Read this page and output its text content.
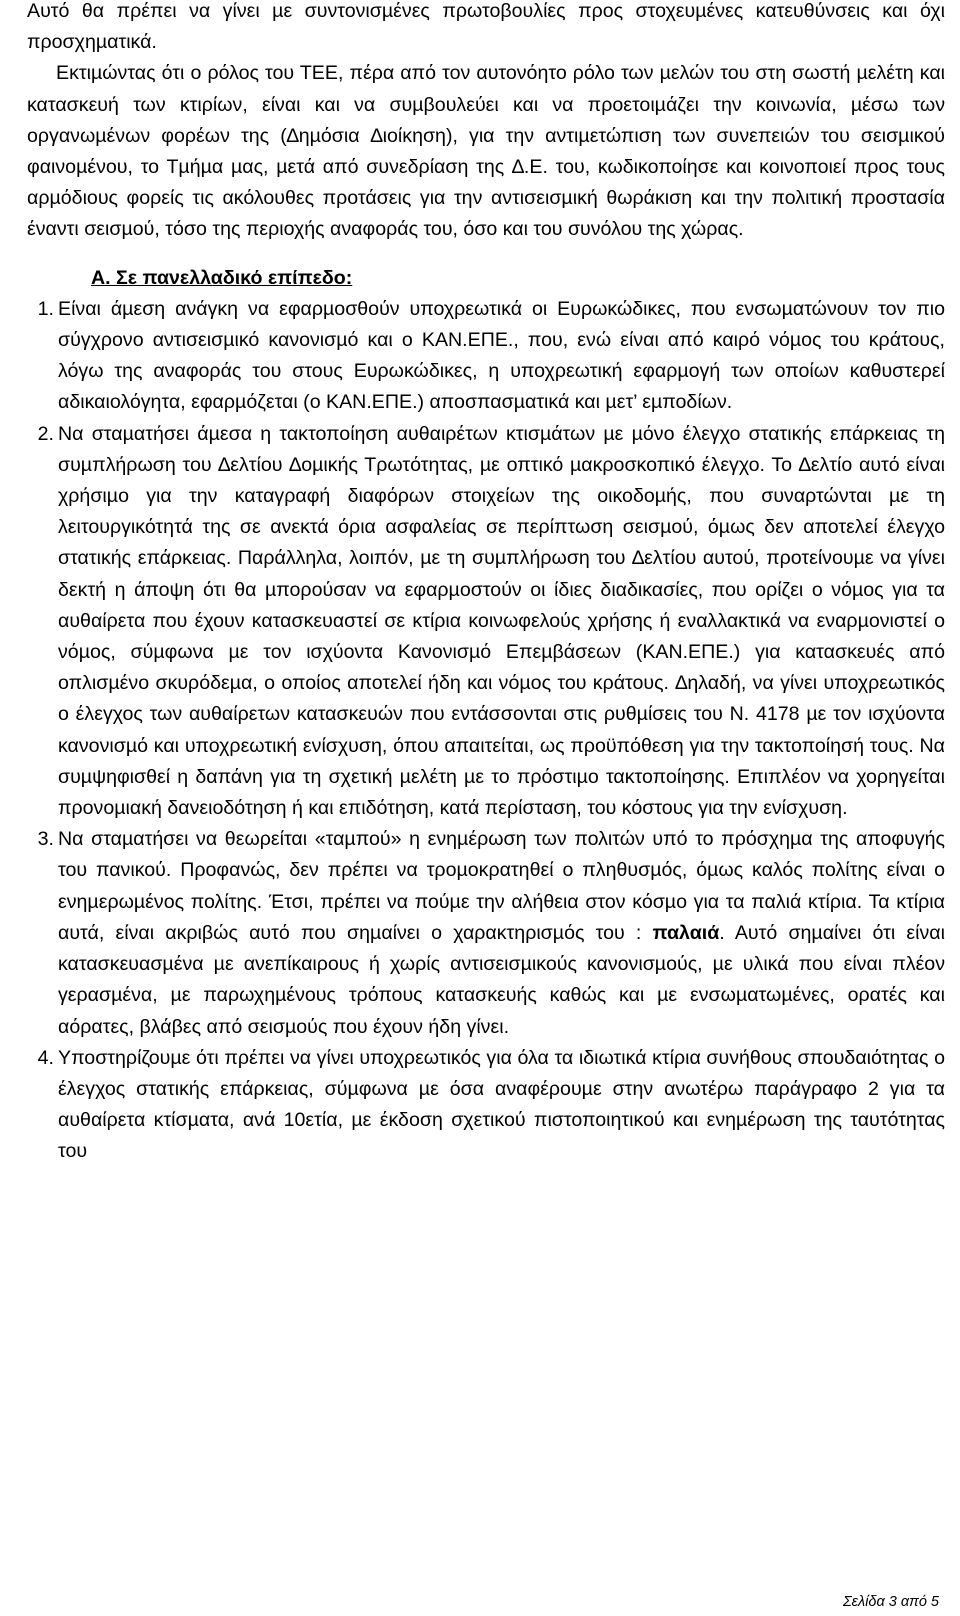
Αυτό θα πρέπει να γίνει µε συντονισµένες πρωτοβουλίες προς στοχευµένες κατευθύνσεις και όχι προσχηµατικά.

Εκτιµώντας ότι ο ρόλος του ΤΕΕ, πέρα από τον αυτονόητο ρόλο των µελών του στη σωστή µελέτη και κατασκευή των κτιρίων, είναι και να συµβουλεύει και να προετοιµάζει την κοινωνία, µέσω των οργανωµένων φορέων της (∆ηµόσια ∆ιοίκηση), για την αντιµετώπιση των συνεπειών του σεισµικού φαινοµένου, το Τµήµα µας, µετά από συνεδρίαση της ∆.Ε. του, κωδικοποίησε και κοινοποιεί προς τους αρµόδιους φορείς τις ακόλουθες προτάσεις για την αντισεισµική θωράκιση και την πολιτική προστασία έναντι σεισµού, τόσο της περιοχής αναφοράς του, όσο και του συνόλου της χώρας.

Α. Σε πανελλαδικό επίπεδο:
1. Είναι άµεση ανάγκη να εφαρµοσθούν υποχρεωτικά οι Ευρωκώδικες, που ενσωµατώνουν τον πιο σύγχρονο αντισεισµικό κανονισµό και ο ΚΑΝ.ΕΠΕ., που, ενώ είναι από καιρό νόµος του κράτους, λόγω της αναφοράς του στους Ευρωκώδικες, η υποχρεωτική εφαρµογή των οποίων καθυστερεί αδικαιολόγητα, εφαρµόζεται (ο ΚΑΝ.ΕΠΕ.) αποσπασµατικά και µετ’ εµποδίων.
2. Να σταµατήσει άµεσα η τακτοποίηση αυθαιρέτων κτισµάτων µε µόνο έλεγχο στατικής επάρκειας τη συµπλήρωση του ∆ελτίου ∆οµικής Τρωτότητας, µε οπτικό µακροσκοπικό έλεγχο. Το ∆ελτίο αυτό είναι χρήσιµο για την καταγραφή διαφόρων στοιχείων της οικοδοµής, που συναρτώνται µε τη λειτουργικότητά της σε ανεκτά όρια ασφαλείας σε περίπτωση σεισµού, όµως δεν αποτελεί έλεγχο στατικής επάρκειας. Παράλληλα, λοιπόν, µε τη συµπλήρωση του ∆ελτίου αυτού, προτείνουµε να γίνει δεκτή η άποψη ότι θα µπορούσαν να εφαρµοστούν οι ίδιες διαδικασίες, που ορίζει ο νόµος για τα αυθαίρετα που έχουν κατασκευαστεί σε κτίρια κοινωφελούς χρήσης ή εναλλακτικά να εναρµονιστεί ο νόµος, σύµφωνα µε τον ισχύοντα Κανονισµό Επεµβάσεων (ΚΑΝ.ΕΠΕ.) για κατασκευές από οπλισµένο σκυρόδεµα, ο οποίος αποτελεί ήδη και νόµος του κράτους. ∆ηλαδή, να γίνει υποχρεωτικός ο έλεγχος των αυθαίρετων κατασκευών που εντάσσονται στις ρυθµίσεις του Ν. 4178 µε τον ισχύοντα κανονισµό και υποχρεωτική ενίσχυση, όπου απαιτείται, ως προϋπόθεση για την τακτοποίησή τους. Να συµψηφισθεί η δαπάνη για τη σχετική µελέτη µε το πρόστιµο τακτοποίησης. Επιπλέον να χορηγείται προνοµιακή δανειοδότηση ή και επιδότηση, κατά περίσταση, του κόστους για την ενίσχυση.
3. Να σταµατήσει να θεωρείται «ταµπού» η ενηµέρωση των πολιτών υπό το πρόσχηµα της αποφυγής του πανικού. Προφανώς, δεν πρέπει να τροµοκρατηθεί ο πληθυσµός, όµως καλός πολίτης είναι ο ενηµερωµένος πολίτης. Έτσι, πρέπει να πούµε την αλήθεια στον κόσµο για τα παλιά κτίρια. Τα κτίρια αυτά, είναι ακριβώς αυτό που σηµαίνει ο χαρακτηρισµός του : παλαιά. Αυτό σηµαίνει ότι είναι κατασκευασµένα µε ανεπίκαιρους ή χωρίς αντισεισµικούς κανονισµούς, µε υλικά που είναι πλέον γερασµένα, µε παρωχηµένους τρόπους κατασκευής καθώς και µε ενσωµατωµένες, ορατές και αόρατες, βλάβες από σεισµούς που έχουν ήδη γίνει.
4. Υποστηρίζουµε ότι πρέπει να γίνει υποχρεωτικός για όλα τα ιδιωτικά κτίρια συνήθους σπουδαιότητας ο έλεγχος στατικής επάρκειας, σύµφωνα µε όσα αναφέρουµε στην ανωτέρω παράγραφο 2 για τα αυθαίρετα κτίσµατα, ανά 10ετία, µε έκδοση σχετικού πιστοποιητικού και ενηµέρωση της ταυτότητας του
Σελίδα 3 από 5
